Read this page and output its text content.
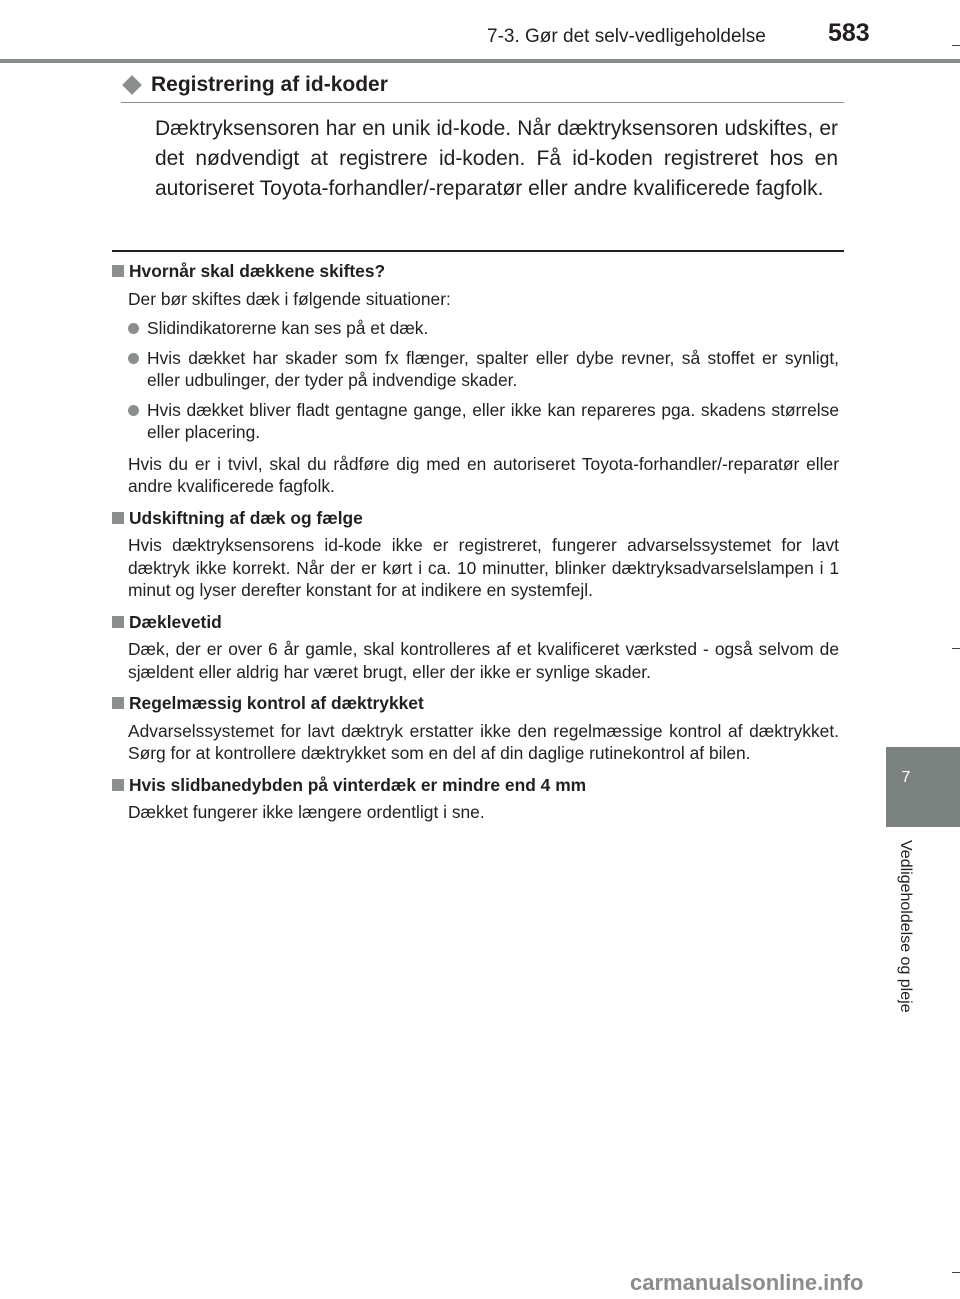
7-3. Gør det selv-vedligeholdelse 583
7
Vedligeholdelse og pleje
Registrering af id-koder

Dæktryksensoren har en unik id-kode. Når dæktryksensoren udskiftes, er det nødvendigt at registrere id-koden. Få id-koden registreret hos en autoriseret Toyota-forhandler/-reparatør eller andre kvalificerede fagfolk.

Hvornår skal dækkene skiftes?

Der bør skiftes dæk i følgende situationer:

Slidindikatorerne kan ses på et dæk.
Hvis dækket har skader som fx flænger, spalter eller dybe revner, så stoffet er synligt, eller udbulinger, der tyder på indvendige skader.
Hvis dækket bliver fladt gentagne gange, eller ikke kan repareres pga. skadens størrelse eller placering.

Hvis du er i tvivl, skal du rådføre dig med en autoriseret Toyota-forhandler/-reparatør eller andre kvalificerede fagfolk.

Udskiftning af dæk og fælge

Hvis dæktryksensorens id-kode ikke er registreret, fungerer advarselssystemet for lavt dæktryk ikke korrekt. Når der er kørt i ca. 10 minutter, blinker dæktryksadvarselslampen i 1 minut og lyser derefter konstant for at indikere en systemfejl.

Dæklevetid

Dæk, der er over 6 år gamle, skal kontrolleres af et kvalificeret værksted - også selvom de sjældent eller aldrig har været brugt, eller der ikke er synlige skader.

Regelmæssig kontrol af dæktrykket

Advarselssystemet for lavt dæktryk erstatter ikke den regelmæssige kontrol af dæktrykket. Sørg for at kontrollere dæktrykket som en del af din daglige rutinekontrol af bilen.

Hvis slidbanedybden på vinterdæk er mindre end 4 mm

Dækket fungerer ikke længere ordentligt i sne.

carmanualsonline.info
